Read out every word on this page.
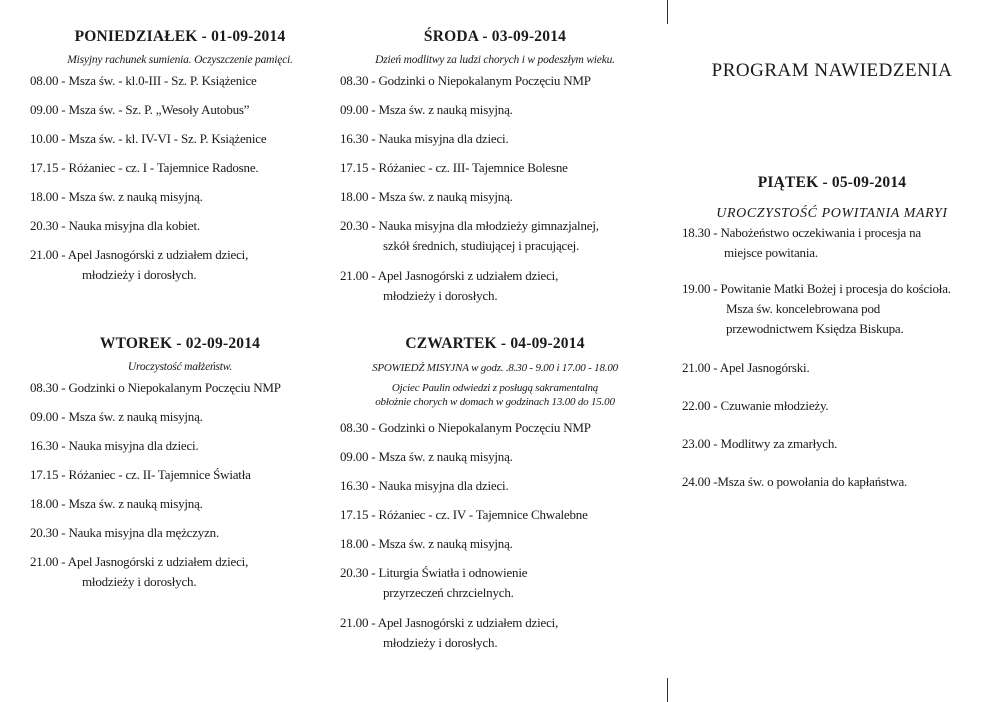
PONIEDZIAŁEK - 01-09-2014

Misyjny rachunek sumienia. Oczyszczenie pamięci.

08.00 - Msza św. - kl.0-III - Sz. P. Książenice
09.00 - Msza św. - Sz. P. „Wesoły Autobus”
10.00 - Msza św. - kl. IV-VI - Sz. P. Książenice
17.15 - Różaniec - cz. I - Tajemnice Radosne.
18.00 - Msza św. z nauką misyjną.
20.30 - Nauka misyjna dla kobiet.
21.00 - Apel Jasnogórski z udziałem dzieci,
młodzieży i dorosłych.
WTOREK - 02-09-2014

Uroczystość małżeństw.

08.30 - Godzinki o Niepokalanym Poczęciu NMP
09.00 - Msza św. z nauką misyjną.
16.30 - Nauka misyjna dla dzieci.
17.15 - Różaniec - cz. II- Tajemnice Światła
18.00 - Msza św. z nauką misyjną.
20.30 - Nauka misyjna dla mężczyzn.
21.00 - Apel Jasnogórski z udziałem dzieci,
młodzieży i dorosłych.
ŚRODA - 03-09-2014

Dzień modlitwy za ludzi chorych i w podeszłym wieku.

08.30 - Godzinki o Niepokalanym Poczęciu NMP
09.00 - Msza św. z nauką misyjną.
16.30 - Nauka misyjna dla dzieci.
17.15 - Różaniec - cz. III- Tajemnice Bolesne
18.00 - Msza św. z nauką misyjną.
20.30 - Nauka misyjna dla młodzieży gimnazjalnej,
szkół średnich, studiującej i pracującej.
21.00 - Apel Jasnogórski z udziałem dzieci,
młodzieży i dorosłych.
CZWARTEK - 04-09-2014

SPOWIEDŹ MISYJNA w godz. .8.30 - 9.00 i 17.00 - 18.00

Ojciec Paulin odwiedzi z posługą sakramentalną

obłożnie chorych w domach w godzinach 13.00 do 15.00

08.30 - Godzinki o Niepokalanym Poczęciu NMP
09.00 - Msza św. z nauką misyjną.
16.30 - Nauka misyjna dla dzieci.
17.15 - Różaniec - cz. IV - Tajemnice Chwalebne
18.00 - Msza św. z nauką misyjną.
20.30 - Liturgia Światła i odnowienie
przyrzeczeń chrzcielnych.
21.00 - Apel Jasnogórski z udziałem dzieci,
młodzieży i dorosłych.
PROGRAM NAWIEDZENIA
PIĄTEK - 05-09-2014

UROCZYSTOŚĆ POWITANIA MARYI

18.30 - Nabożeństwo oczekiwania i procesja na
miejsce powitania.
19.00 - Powitanie Matki Bożej i procesja do kościoła.
Msza św. koncelebrowana pod
przewodnictwem Księdza Biskupa.
21.00 - Apel Jasnogórski.
22.00 - Czuwanie młodzieży.
23.00 - Modlitwy za zmarłych.
24.00 -Msza św. o powołania do kapłaństwa.
